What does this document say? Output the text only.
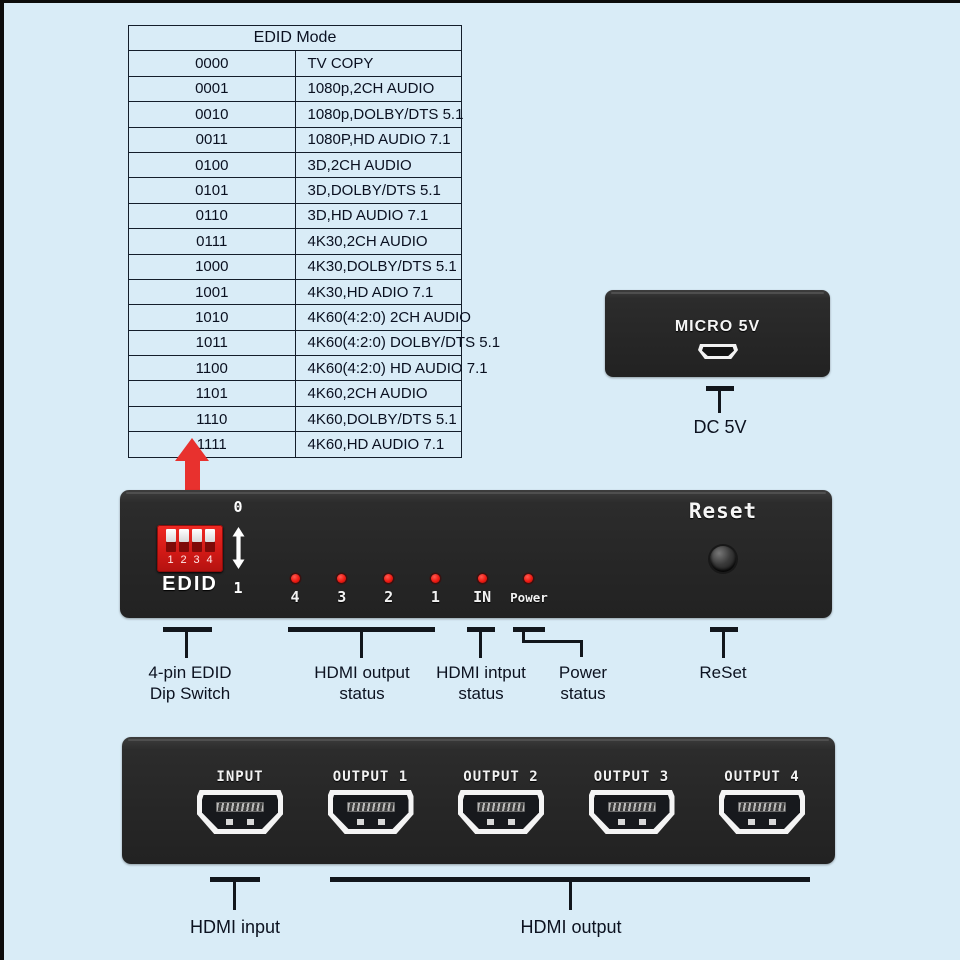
EDID Mode	
0000	TV COPY
0001	1080p,2CH AUDIO
0010	1080p,DOLBY/DTS 5.1
0011	1080P,HD AUDIO 7.1
0100	3D,2CH AUDIO
0101	3D,DOLBY/DTS 5.1
0110	3D,HD AUDIO 7.1
0111	4K30,2CH AUDIO
1000	4K30,DOLBY/DTS 5.1
1001	4K30,HD ADIO 7.1
1010	4K60(4:2:0) 2CH AUDIO
1011	4K60(4:2:0) DOLBY/DTS 5.1
1100	4K60(4:2:0) HD AUDIO 7.1
1101	4K60,2CH AUDIO
1110	4K60,DOLBY/DTS 5.1
1111	4K60,HD AUDIO 7.1
MICRO 5V
DC 5V
1 2 3 4
EDID
0
1	4	3	2	1 IN Power
Reset
4-pin EDID
Dip Switch
HDMI output
status
HDMI intput
status
Power
status
ReSet
INPUT	OUTPUT 1	OUTPUT 2	OUTPUT 3	OUTPUT 4
HDMI input	HDMI output
